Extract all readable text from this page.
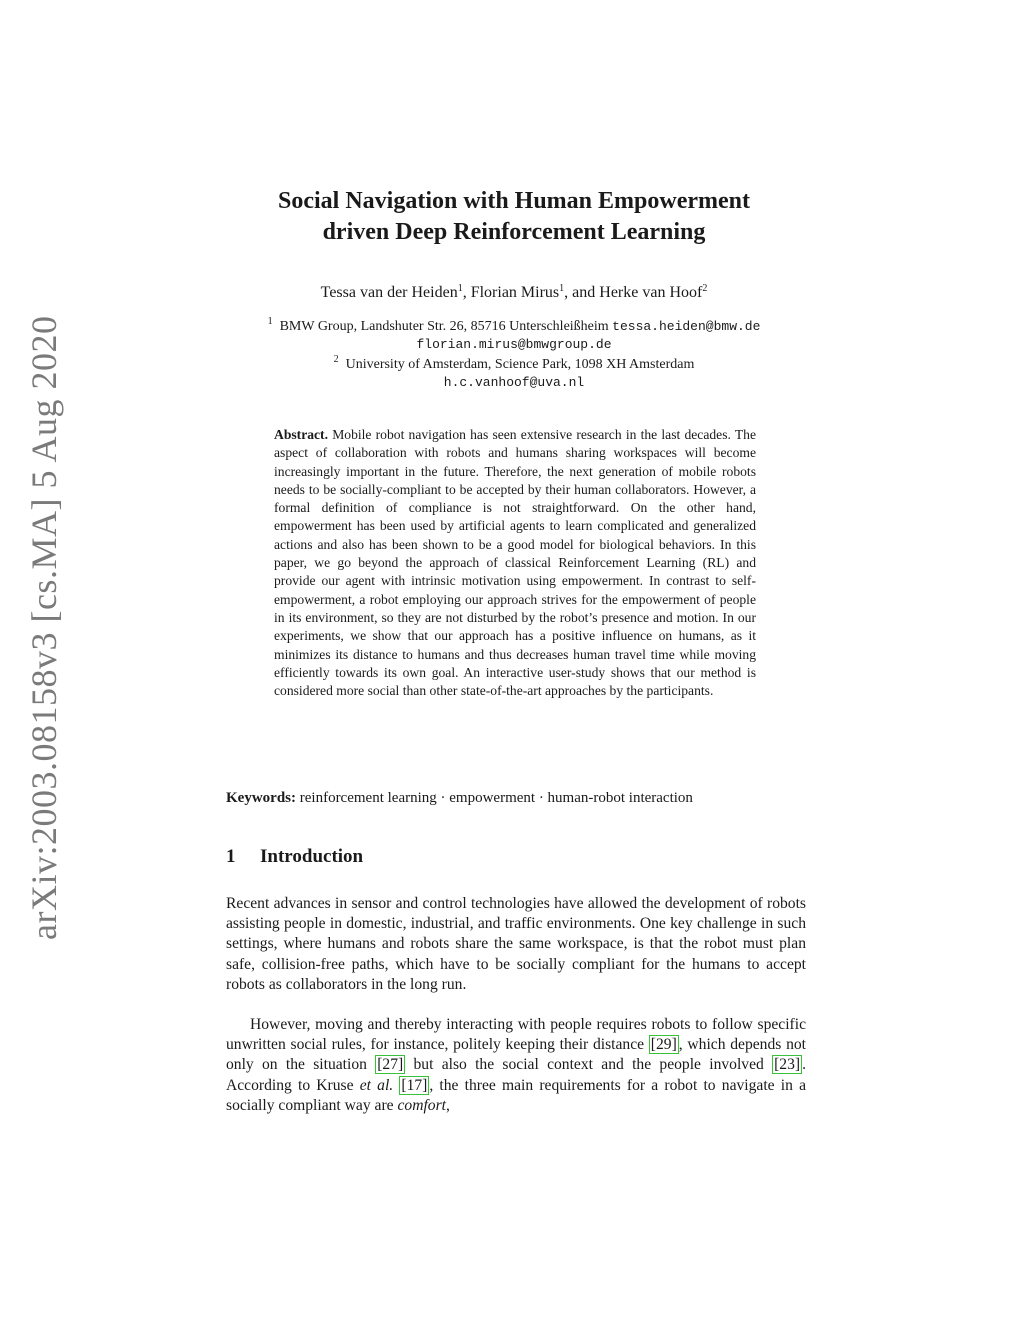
arXiv:2003.08158v3 [cs.MA] 5 Aug 2020
Social Navigation with Human Empowerment
driven Deep Reinforcement Learning
Tessa van der Heiden$^1$, Florian Mirus$^1$, and Herke van Hoof$^2$
$^1$ BMW Group, Landshuter Str. 26, 85716 Unterschleißheim tessa.heiden@bmw.de
florian.mirus@bmwgroup.de
$^2$ University of Amsterdam, Science Park, 1098 XH Amsterdam
h.c.vanhoof@uva.nl
Abstract. Mobile robot navigation has seen extensive research in the last decades. The aspect of collaboration with robots and humans sharing workspaces will become increasingly important in the future. Therefore, the next generation of mobile robots needs to be socially-compliant to be accepted by their human collaborators. However, a formal definition of compliance is not straightforward. On the other hand, empowerment has been used by artificial agents to learn complicated and generalized actions and also has been shown to be a good model for biological behaviors. In this paper, we go beyond the approach of classical Reinforcement Learning (RL) and provide our agent with intrinsic motivation using empowerment. In contrast to self-empowerment, a robot employing our approach strives for the empowerment of people in its environment, so they are not disturbed by the robot’s presence and motion. In our experiments, we show that our approach has a positive influence on humans, as it minimizes its distance to humans and thus decreases human travel time while moving efficiently towards its own goal. An interactive user-study shows that our method is considered more social than other state-of-the-art approaches by the participants.
Keywords: reinforcement learning · empowerment · human-robot interaction
1 Introduction
Recent advances in sensor and control technologies have allowed the development of robots assisting people in domestic, industrial, and traffic environments. One key challenge in such settings, where humans and robots share the same workspace, is that the robot must plan safe, collision-free paths, which have to be socially compliant for the humans to accept robots as collaborators in the long run.
However, moving and thereby interacting with people requires robots to follow specific unwritten social rules, for instance, politely keeping their distance [29] , which depends not only on the situation [27] but also the social context and the people involved [23] . According to Kruse et al. [17] , the three main requirements for a robot to navigate in a socially compliant way are comfort,
